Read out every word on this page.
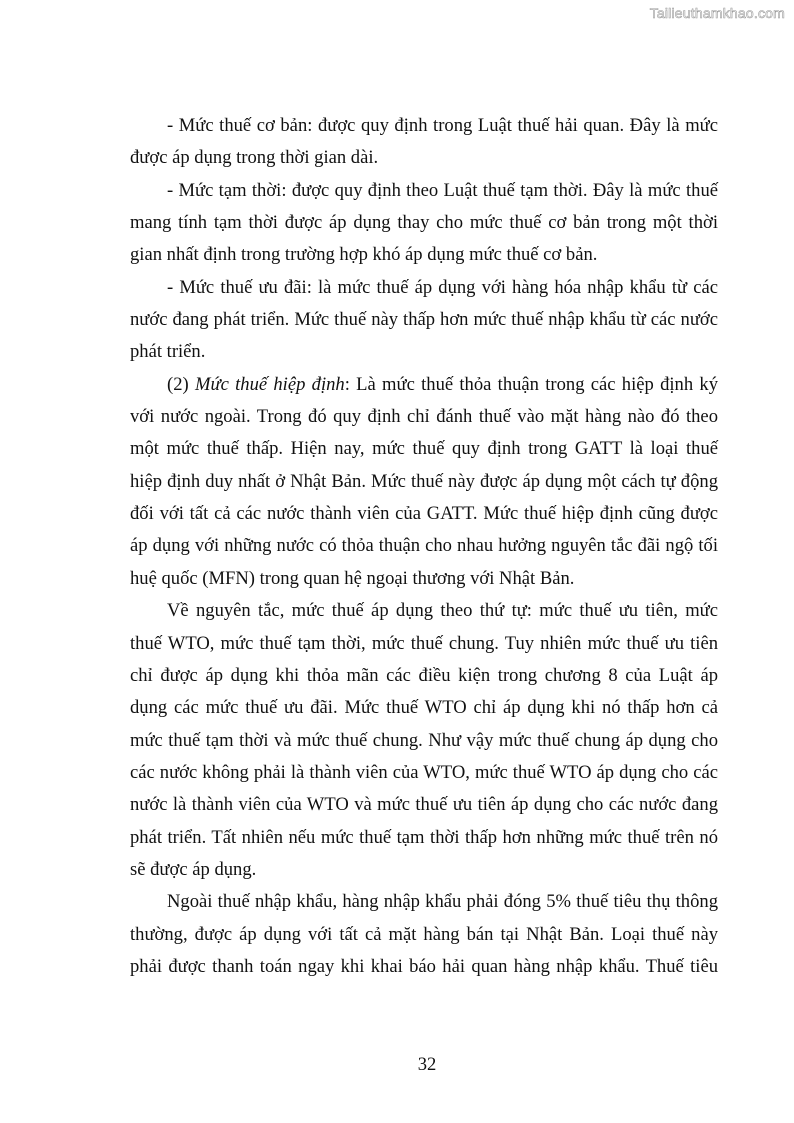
Tailieuthamkhao.com
- Mức thuế cơ bản: được quy định trong Luật thuế hải quan. Đây là mức
được áp dụng trong thời gian dài.
- Mức tạm thời: được quy định theo Luật thuế tạm thời. Đây là mức thuế
mang tính tạm thời được áp dụng thay cho mức thuế cơ bản trong một thời
gian nhất định trong trường hợp khó áp dụng mức thuế cơ bản.
- Mức thuế ưu đãi: là mức thuế áp dụng với hàng hóa nhập khẩu từ các
nước đang phát triển. Mức thuế này thấp hơn mức thuế nhập khẩu từ các nước
phát triển.
(2) Mức thuế hiệp định: Là mức thuế thỏa thuận trong các hiệp định ký
với nước ngoài. Trong đó quy định chỉ đánh thuế vào mặt hàng nào đó theo
một mức thuế thấp. Hiện nay, mức thuế quy định trong GATT là loại thuế
hiệp định duy nhất ở Nhật Bản. Mức thuế này được áp dụng một cách tự động
đối với tất cả các nước thành viên của GATT. Mức thuế hiệp định cũng được
áp dụng với những nước có thỏa thuận cho nhau hưởng nguyên tắc đãi ngộ tối
huệ quốc (MFN) trong quan hệ ngoại thương với Nhật Bản.
Về nguyên tắc, mức thuế áp dụng theo thứ tự: mức thuế ưu tiên, mức
thuế WTO, mức thuế tạm thời, mức thuế chung. Tuy nhiên mức thuế ưu tiên
chỉ được áp dụng khi thỏa mãn các điều kiện trong chương 8 của Luật áp
dụng các mức thuế ưu đãi. Mức thuế WTO chỉ áp dụng khi nó thấp hơn cả
mức thuế tạm thời và mức thuế chung. Như vậy mức thuế chung áp dụng cho
các nước không phải là thành viên của WTO, mức thuế WTO áp dụng cho các
nước là thành viên của WTO và mức thuế ưu tiên áp dụng cho các nước đang
phát triển. Tất nhiên nếu mức thuế tạm thời thấp hơn những mức thuế trên nó
sẽ được áp dụng.
Ngoài thuế nhập khẩu, hàng nhập khẩu phải đóng 5% thuế tiêu thụ thông
thường, được áp dụng với tất cả mặt hàng bán tại Nhật Bản. Loại thuế này
phải được thanh toán ngay khi khai báo hải quan hàng nhập khẩu. Thuế tiêu
32
